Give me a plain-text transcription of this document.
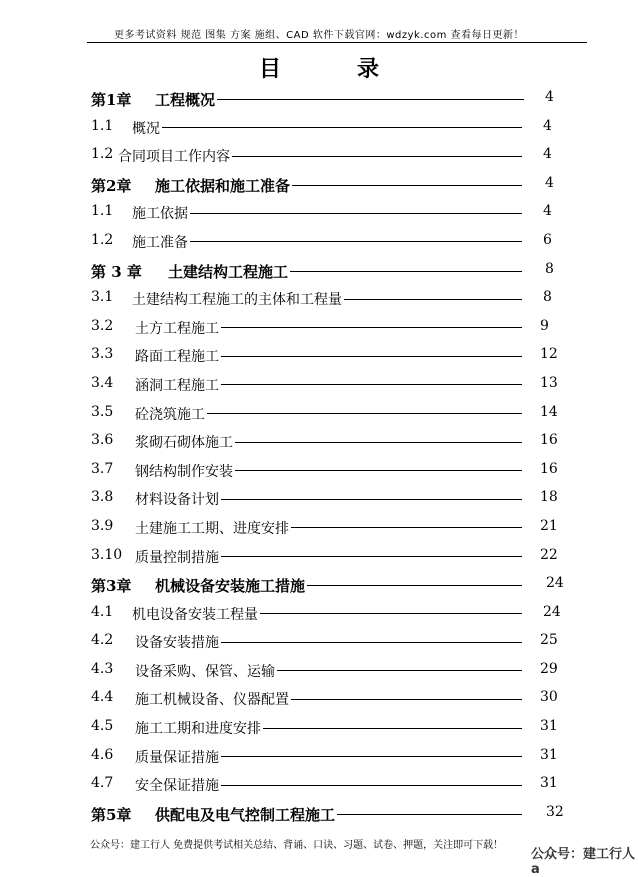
更多考试资料 规范 图集 方案 施组、CAD 软件下载官网：wdzyk.com 查看每日更新！
目	录
第1章 工程概况	4
1.1 概况	4
1.2 合同项目工作内容	4
第2章 施工依据和施工准备	4
1.1 施工依据	4
1.2 施工准备	6
第 3 章 土建结构工程施工	8
3.1 土建结构工程施工的主体和工程量	8
3.2 土方工程施工	9
3.3 路面工程施工	12
3.4 涵洞工程施工	13
3.5 砼浇筑施工	14
3.6 浆砌石砌体施工	16
3.7 钢结构制作安装	16
3.8 材料设备计划	18
3.9 土建施工工期、进度安排	21
3.10 质量控制措施	22
第3章 机械设备安装施工措施	24
4.1 机电设备安装工程量	24
4.2 设备安装措施	25
4.3 设备采购、保管、运输	29
4.4 施工机械设备、仪器配置	30
4.5 施工工期和进度安排	31
4.6 质量保证措施	31
4.7 安全保证措施	31
第5章 供配电及电气控制工程施工	32
公众号：建工行人 免费提供考试相关总结、背诵、口诀、习题、试卷、押题，关注即可下载！
公众号：建工行人a
